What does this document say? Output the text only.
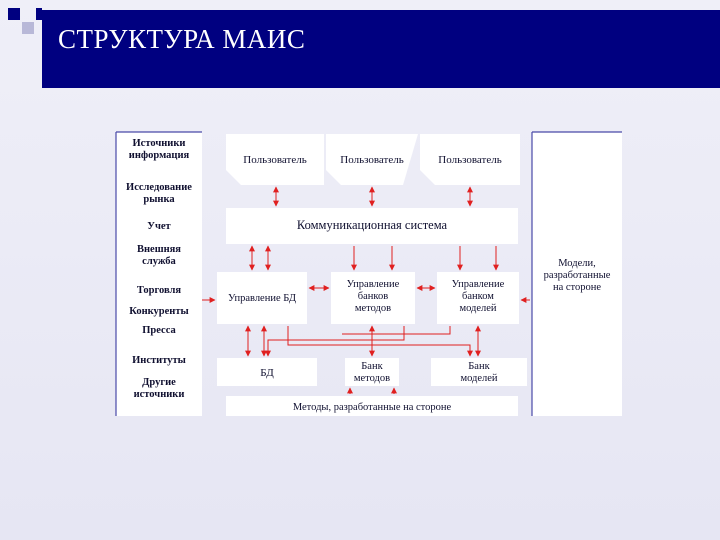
СТРУКТУРА МАИС
Источники
информация
Исследование
рынка
Учет
Внешняя
служба
Торговля
Конкуренты
Пресса
Институты
Другие
источники
Модели,
разработанные
на стороне
Пользователь	Пользователь	Пользователь
Коммуникационная система
Управление БД
Управление
банков
методов
Управление
банком
моделей
БД
Банк
методов
Банк
моделей
Методы, разработанные на стороне
